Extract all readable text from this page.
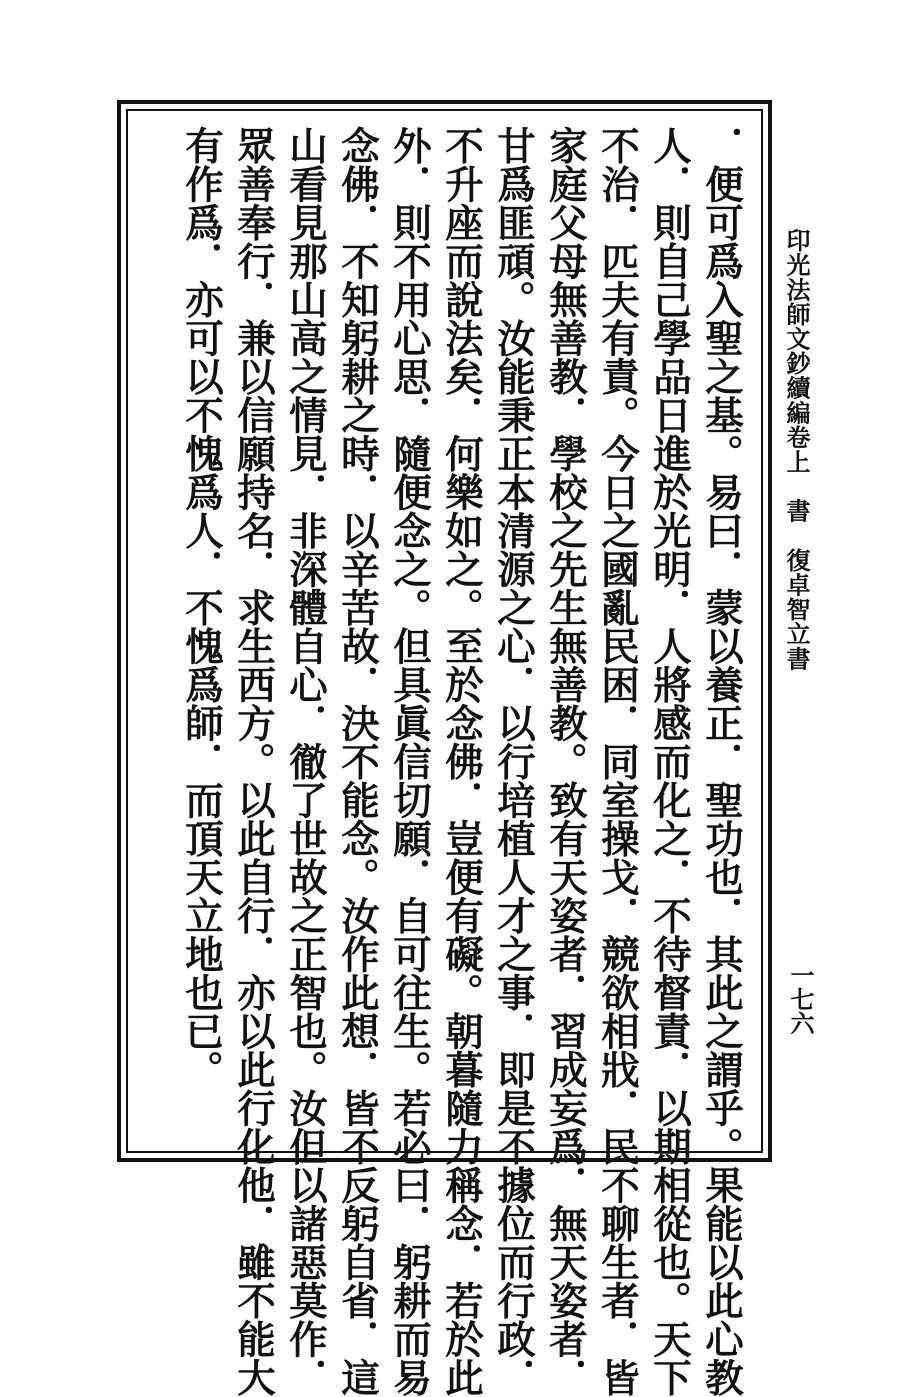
印光法師文鈔續編卷上　書　復卓智立書
一七六
．便可爲入聖之基。易曰．蒙以養正．聖功也．其此之謂乎。果能以此心教
人．則自己學品日進於光明．人將感而化之．不待督責．以期相從也。天下
不治．匹夫有責。今日之國亂民困．同室操戈．競欲相戕．民不聊生者．皆
家庭父母無善教．學校之先生無善教。致有天姿者．習成妄爲．無天姿者．
甘爲匪頑。汝能秉正本清源之心．以行培植人才之事．即是不據位而行政．
不升座而說法矣．何樂如之。至於念佛．豈便有礙。朝暮隨力稱念．若於此
外．則不用心思．隨便念之。但具眞信切願．自可往生。若必曰．躬耕而易
念佛．不知躬耕之時．以辛苦故．決不能念。汝作此想．皆不反躬自省．這
山看見那山高之情見．非深體自心．徹了世故之正智也。汝但以諸惡莫作．
眾善奉行．兼以信願持名．求生西方。以此自行．亦以此行化他．雖不能大
有作爲．亦可以不愧爲人．不愧爲師．而頂天立地也已。
